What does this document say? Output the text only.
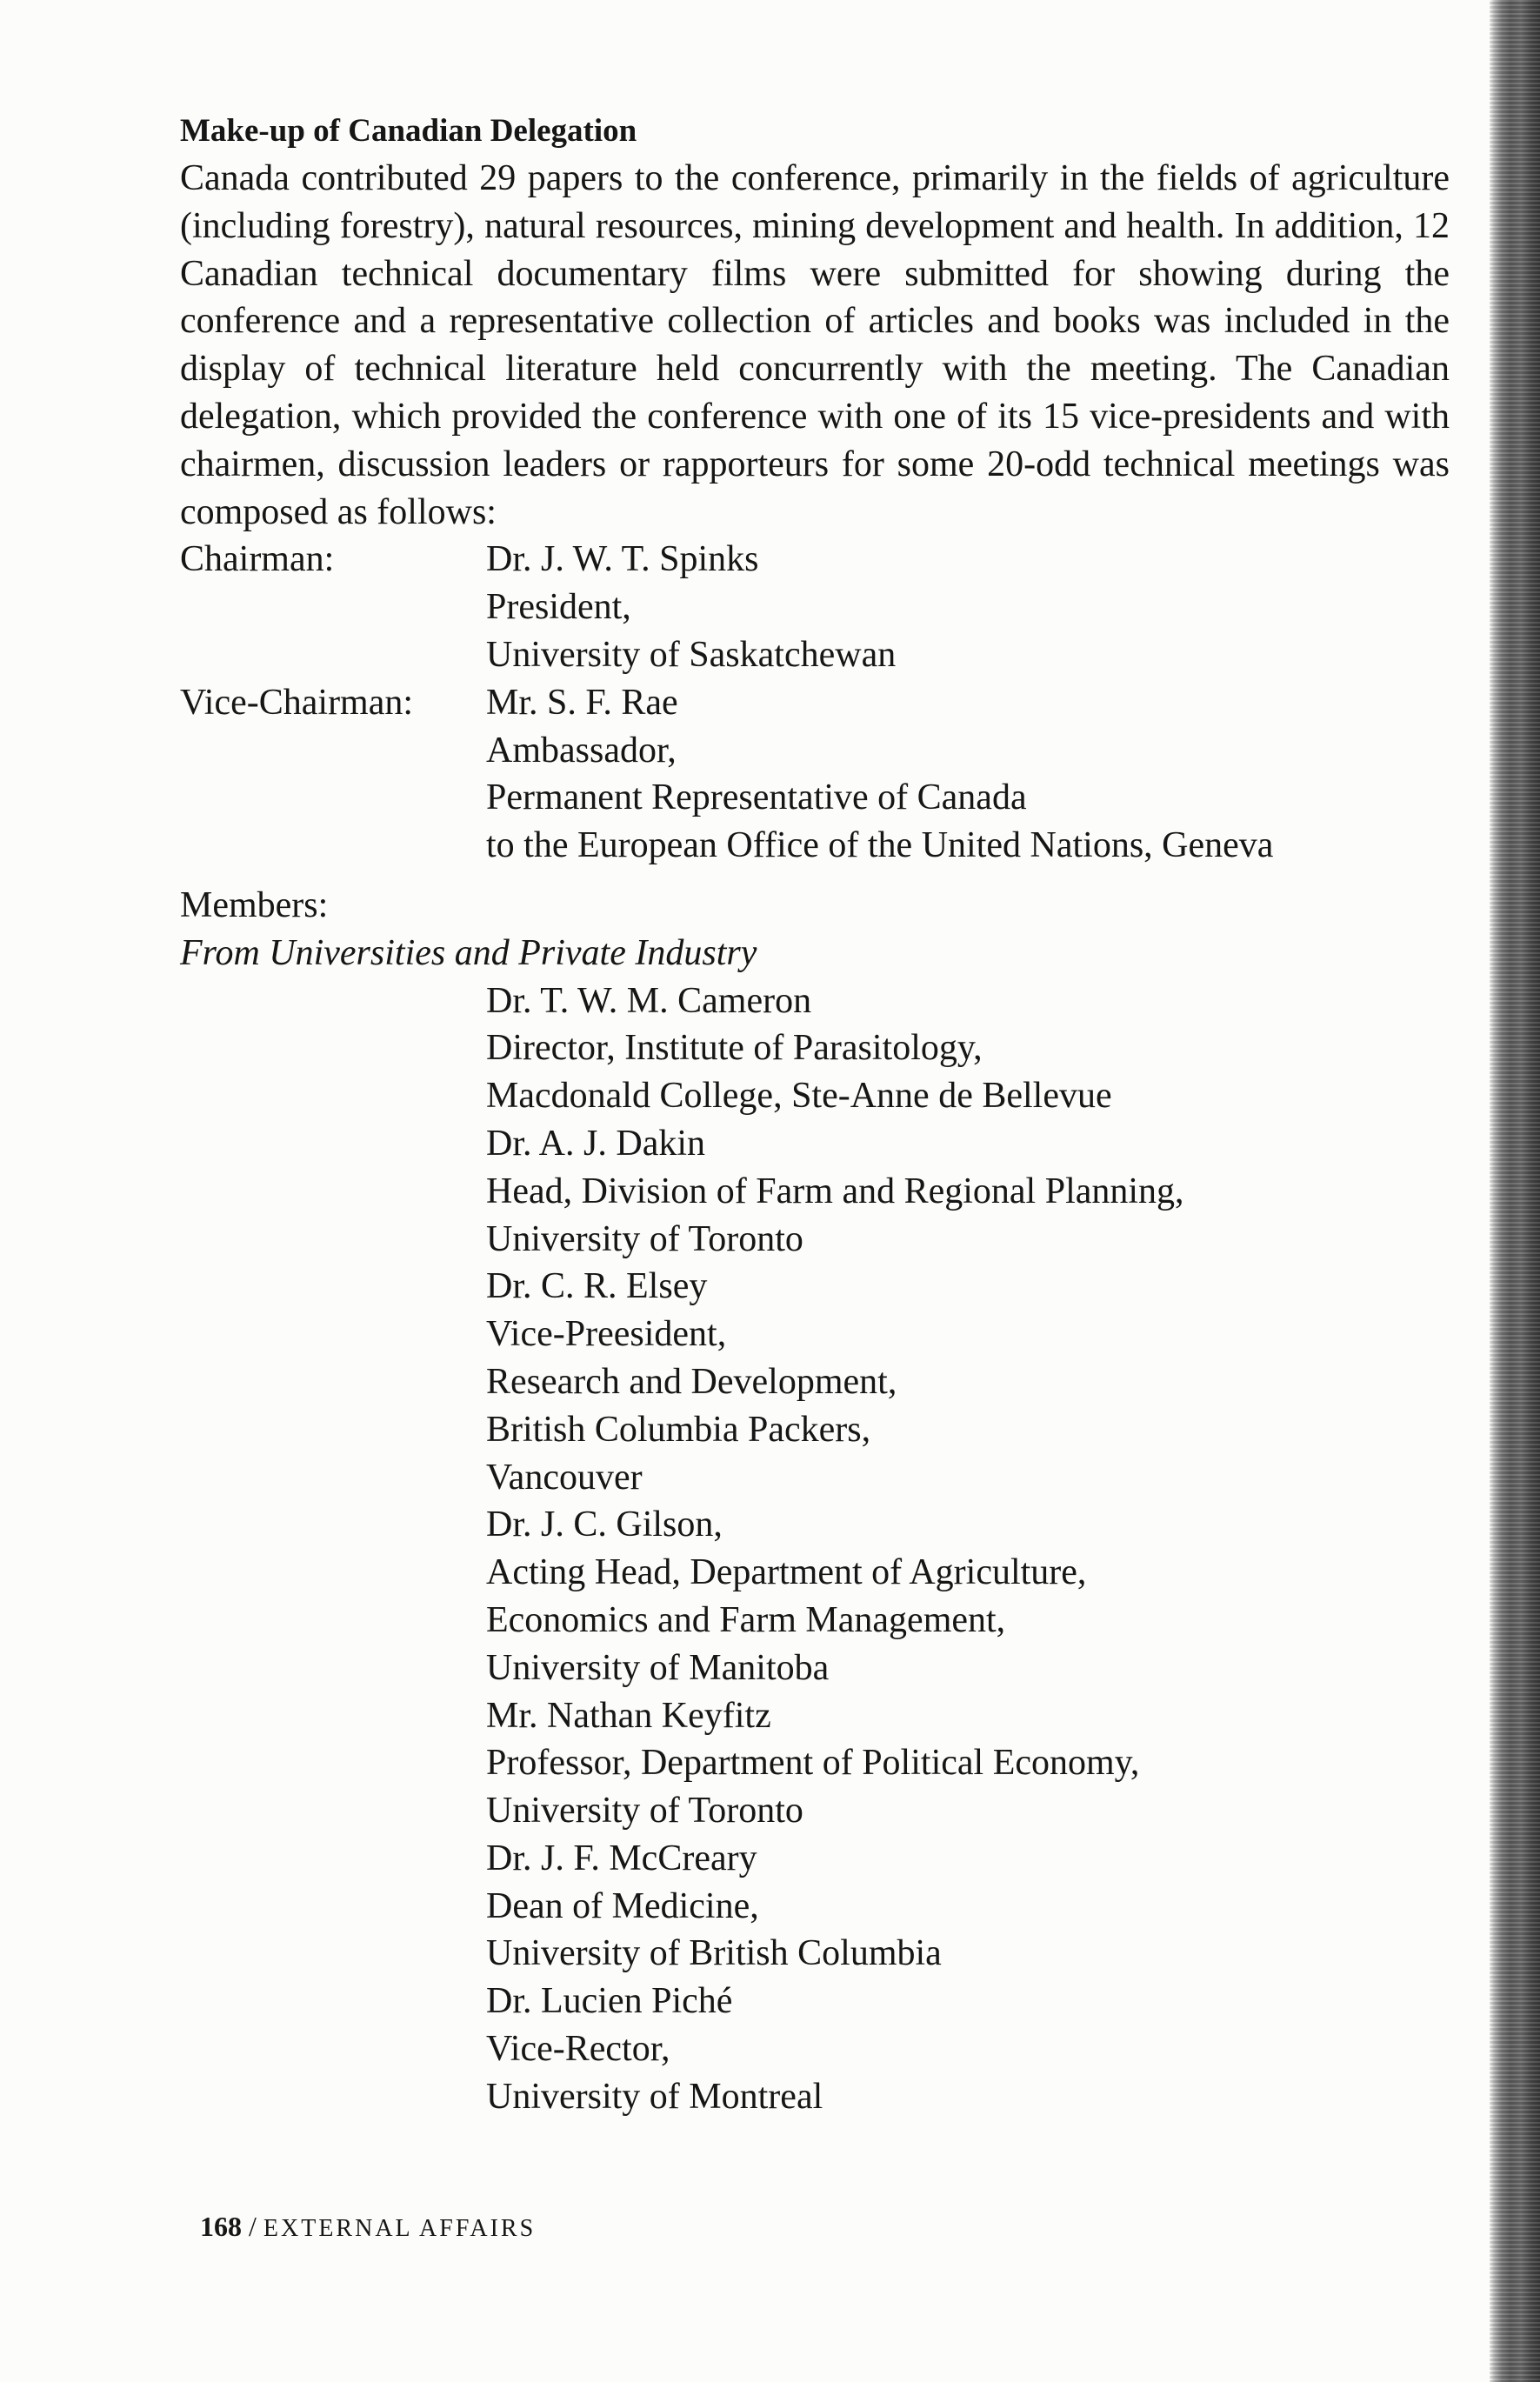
Make-up of Canadian Delegation

Canada contributed 29 papers to the conference, primarily in the fields of agriculture (including forestry), natural resources, mining development and health. In addition, 12 Canadian technical documentary films were submitted for showing during the conference and a representative collection of articles and books was included in the display of technical literature held concurrently with the meeting. The Canadian delegation, which provided the conference with one of its 15 vice-presidents and with chairmen, discussion leaders or rapporteurs for some 20-odd technical meetings was composed as follows:

Chairman:	Dr. J. W. T. Spinks
President,
University of Saskatchewan
Vice-Chairman:	Mr. S. F. Rae
Ambassador,
Permanent Representative of Canada
to the European Office of the United Nations, Geneva
Members:
From Universities and Private Industry
Dr. T. W. M. Cameron
Director, Institute of Parasitology,
Macdonald College, Ste-Anne de Bellevue
Dr. A. J. Dakin
Head, Division of Farm and Regional Planning,
University of Toronto
Dr. C. R. Elsey
Vice-Preesident,
Research and Development,
British Columbia Packers,
Vancouver
Dr. J. C. Gilson,
Acting Head, Department of Agriculture,
Economics and Farm Management,
University of Manitoba
Mr. Nathan Keyfitz
Professor, Department of Political Economy,
University of Toronto
Dr. J. F. McCreary
Dean of Medicine,
University of British Columbia
Dr. Lucien Piché
Vice-Rector,
University of Montreal
168 / EXTERNAL AFFAIRS
